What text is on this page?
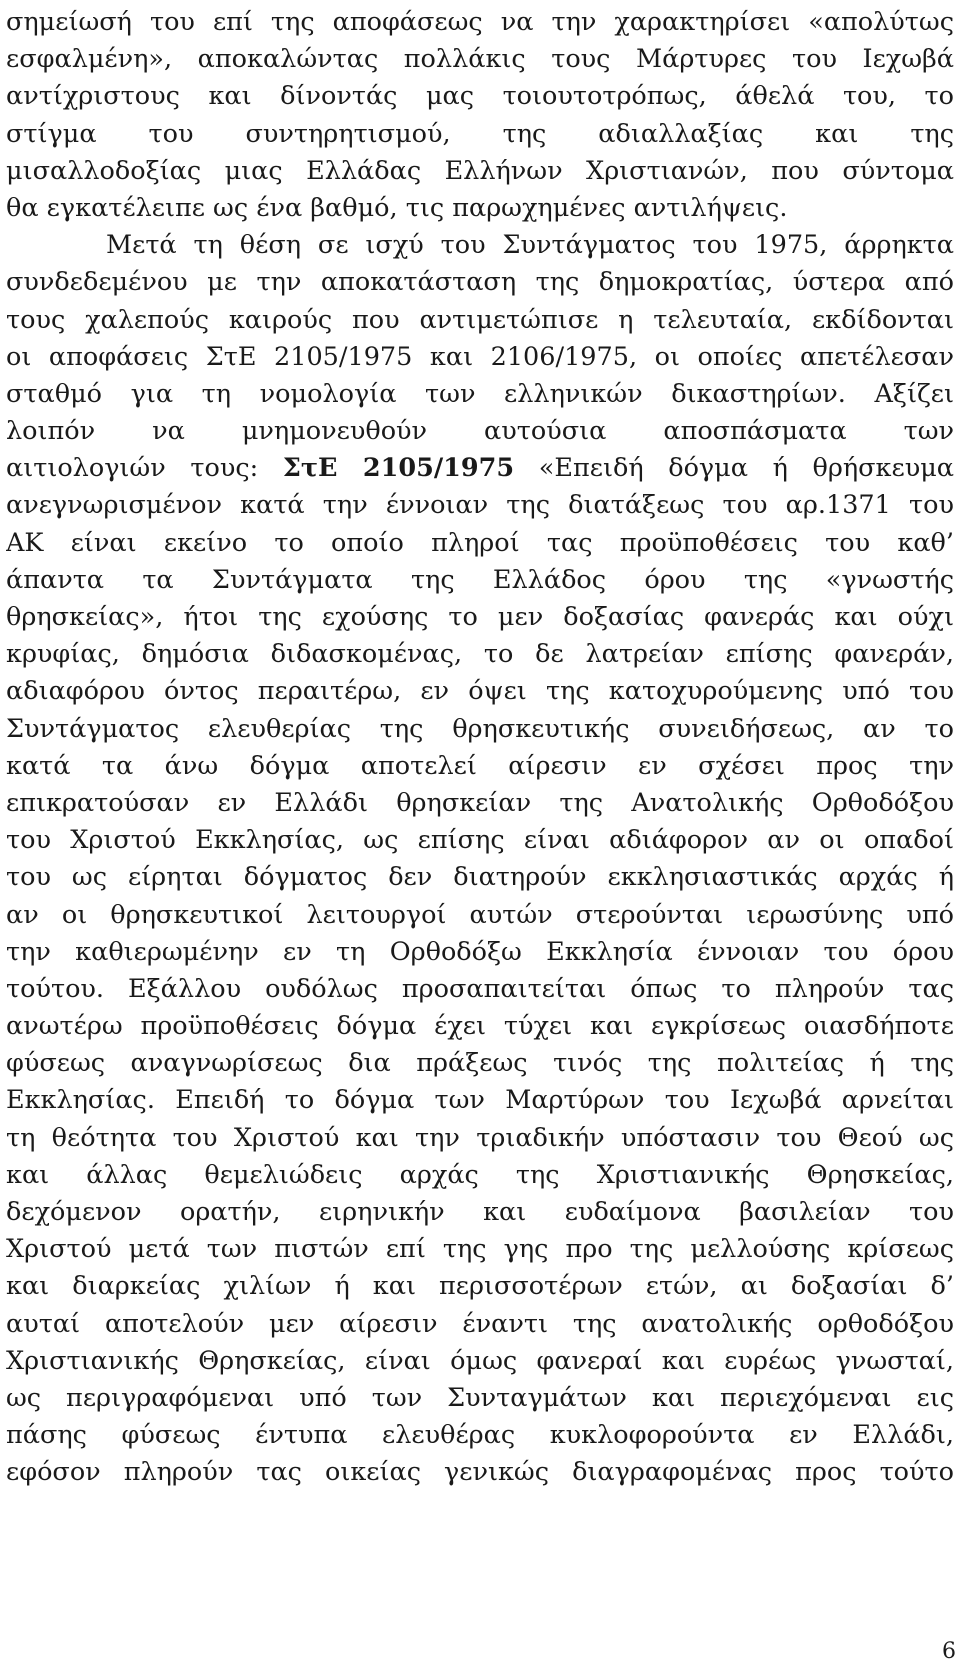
σημείωσή του επί της αποφάσεως να την χαρακτηρίσει «απολύτως
εσφαλμένη», αποκαλώντας πολλάκις τους Μάρτυρες του Ιεχωβά
αντίχριστους και δίνοντάς μας τοιουτοτρόπως, άθελά του, το
στίγμα του συντηρητισμού, της αδιαλλαξίας και της
μισαλλοδοξίας μιας Ελλάδας Ελλήνων Χριστιανών, που σύντομα
θα εγκατέλειπε ως ένα βαθμό, τις παρωχημένες αντιλήψεις.
Μετά τη θέση σε ισχύ του Συντάγματος του 1975, άρρηκτα
συνδεδεμένου με την αποκατάσταση της δημοκρατίας, ύστερα από
τους χαλεπούς καιρούς που αντιμετώπισε η τελευταία, εκδίδονται
οι αποφάσεις ΣτΕ 2105/1975 και 2106/1975, οι οποίες απετέλεσαν
σταθμό για τη νομολογία των ελληνικών δικαστηρίων. Αξίζει
λοιπόν να μνημονευθούν αυτούσια αποσπάσματα των
αιτιολογιών τους: ΣτΕ 2105/1975 «Επειδή δόγμα ή θρήσκευμα
ανεγνωρισμένον κατά την έννοιαν της διατάξεως του αρ.1371 του
ΑΚ είναι εκείνο το οποίο πληροί τας προϋποθέσεις του καθ’
άπαντα τα Συντάγματα της Ελλάδος όρου της «γνωστής
θρησκείας», ήτοι της εχούσης το μεν δοξασίας φανεράς και ούχι
κρυφίας, δημόσια διδασκομένας, το δε λατρείαν επίσης φανεράν,
αδιαφόρου όντος περαιτέρω, εν όψει της κατοχυρούμενης υπό του
Συντάγματος ελευθερίας της θρησκευτικής συνειδήσεως, αν το
κατά τα άνω δόγμα αποτελεί αίρεσιν εν σχέσει προς την
επικρατούσαν εν Ελλάδι θρησκείαν της Ανατολικής Ορθοδόξου
του Χριστού Εκκλησίας, ως επίσης είναι αδιάφορον αν οι οπαδοί
του ως είρηται δόγματος δεν διατηρούν εκκλησιαστικάς αρχάς ή
αν οι θρησκευτικοί λειτουργοί αυτών στερούνται ιερωσύνης υπό
την καθιερωμένην εν τη Ορθοδόξω Εκκλησία έννοιαν του όρου
τούτου. Εξάλλου ουδόλως προσαπαιτείται όπως το πληρούν τας
ανωτέρω προϋποθέσεις δόγμα έχει τύχει και εγκρίσεως οιασδήποτε
φύσεως αναγνωρίσεως δια πράξεως τινός της πολιτείας ή της
Εκκλησίας. Επειδή το δόγμα των Μαρτύρων του Ιεχωβά αρνείται
τη θεότητα του Χριστού και την τριαδικήν υπόστασιν του Θεού ως
και άλλας θεμελιώδεις αρχάς της Χριστιανικής Θρησκείας,
δεχόμενον ορατήν, ειρηνικήν και ευδαίμονα βασιλείαν του
Χριστού μετά των πιστών επί της γης προ της μελλούσης κρίσεως
και διαρκείας χιλίων ή και περισσοτέρων ετών, αι δοξασίαι δ’
αυταί αποτελούν μεν αίρεσιν έναντι της ανατολικής ορθοδόξου
Χριστιανικής Θρησκείας, είναι όμως φανεραί και ευρέως γνωσταί,
ως περιγραφόμεναι υπό των Συνταγμάτων και περιεχόμεναι εις
πάσης φύσεως έντυπα ελευθέρας κυκλοφορούντα εν Ελλάδι,
εφόσον πληρούν τας οικείας γενικώς διαγραφομένας προς τούτο
6
